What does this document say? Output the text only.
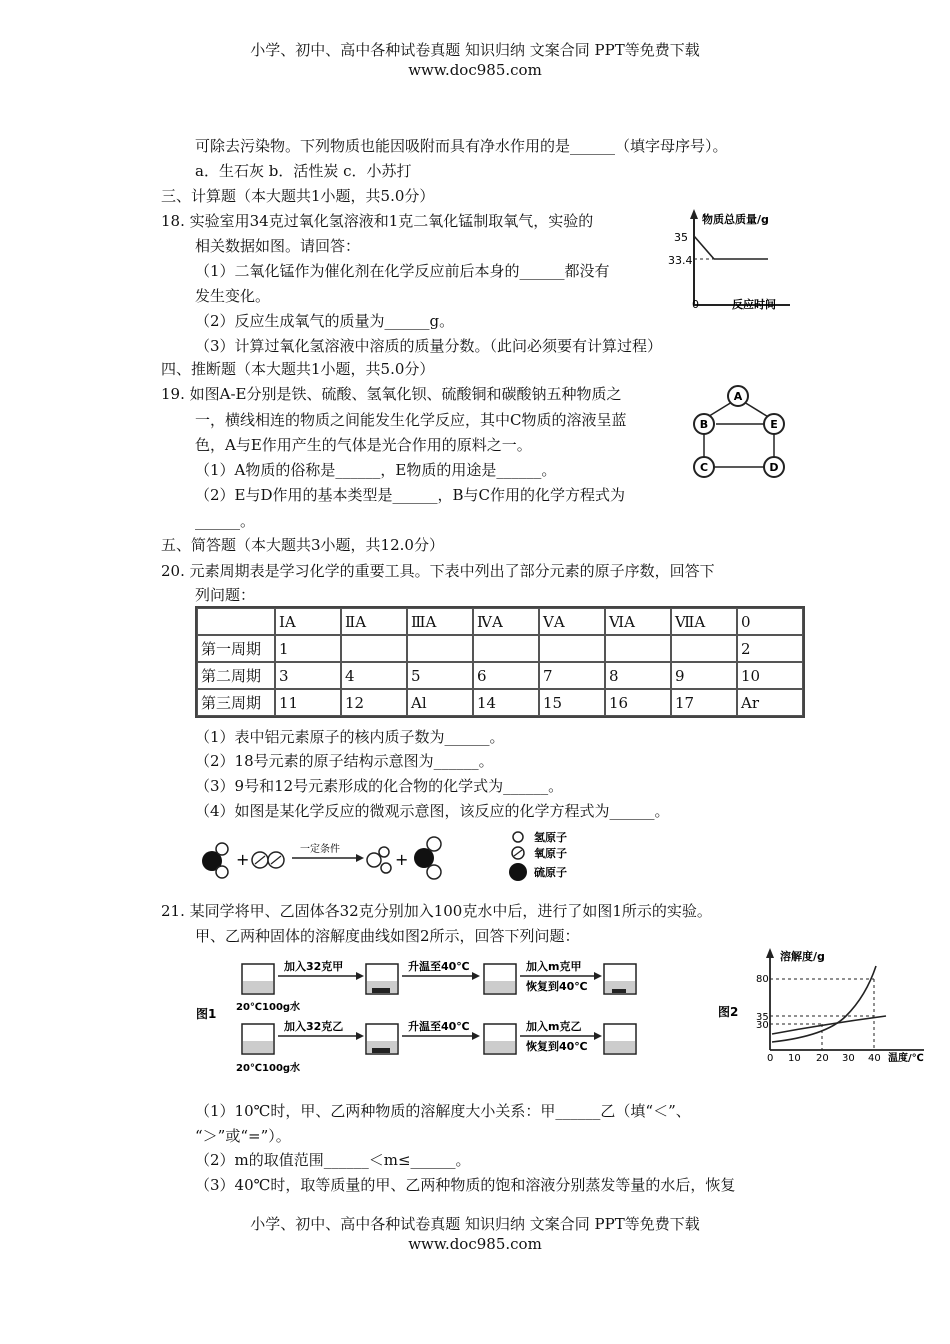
小学、初中、高中各种试卷真题 知识归纳 文案合同 PPT等免费下载
www.doc985.com
可除去污染物。下列物质也能因吸附而具有净水作用的是______（填字母序号）。
a．生石灰 b．活性炭 c．小苏打
三、计算题（本大题共1小题，共5.0分）
18. 实验室用34克过氧化氢溶液和1克二氧化锰制取氧气，实验的
相关数据如图。请回答：
（1）二氧化锰作为催化剂在化学反应前后本身的______都没有
发生变化。
（2）反应生成氧气的质量为______g。
（3）计算过氧化氢溶液中溶质的质量分数。（此问必须要有计算过程）
四、推断题（本大题共1小题，共5.0分）
19. 如图A-E分别是铁、硫酸、氢氧化钡、硫酸铜和碳酸钠五种物质之
一，横线相连的物质之间能发生化学反应，其中C物质的溶液呈蓝
色，A与E作用产生的气体是光合作用的原料之一。
（1）A物质的俗称是______，E物质的用途是______。
（2）E与D作用的基本类型是______，B与C作用的化学方程式为
______。
五、简答题（本大题共3小题，共12.0分）
20. 元素周期表是学习化学的重要工具。下表中列出了部分元素的原子序数，回答下
列问题：
	ⅠA	ⅡA	ⅢA	ⅣA	ⅤA	ⅥA	ⅦA	0
第一周期	1							2
第二周期	3	4	5	6	7	8	9	10
第三周期	11	12	Al	14	15	16	17	Ar
（1）表中铝元素原子的核内质子数为______。
（2）18号元素的原子结构示意图为______。
（3）9号和12号元素形成的化合物的化学式为______。
（4）如图是某化学反应的微观示意图，该反应的化学方程式为______。
21. 某同学将甲、乙固体各32克分别加入100克水中后，进行了如图1所示的实验。
甲、乙两种固体的溶解度曲线如图2所示，回答下列问题：
（1）10℃时，甲、乙两种物质的溶解度大小关系：甲______乙（填“＜”、
“＞”或“=”）。
（2）m的取值范围______＜m≤______。
（3）40℃时，取等质量的甲、乙两种物质的饱和溶液分别蒸发等量的水后，恢复
小学、初中、高中各种试卷真题 知识归纳 文案合同 PPT等免费下载
www.doc985.com
物质总质量/g
35
33.4
0	反应时间
A
B	E
C	D
+
一定条件
+
氢原子
氧原子
硫原子
图1
加入32克甲	升温至40℃	加入m克甲
恢复到40℃
20℃100g水
加入32克乙	升温至40℃	加入m克乙
恢复到40℃
20℃100g水
图2
溶解度/g
80
35
30
0 10 20 30 40 温度/℃
